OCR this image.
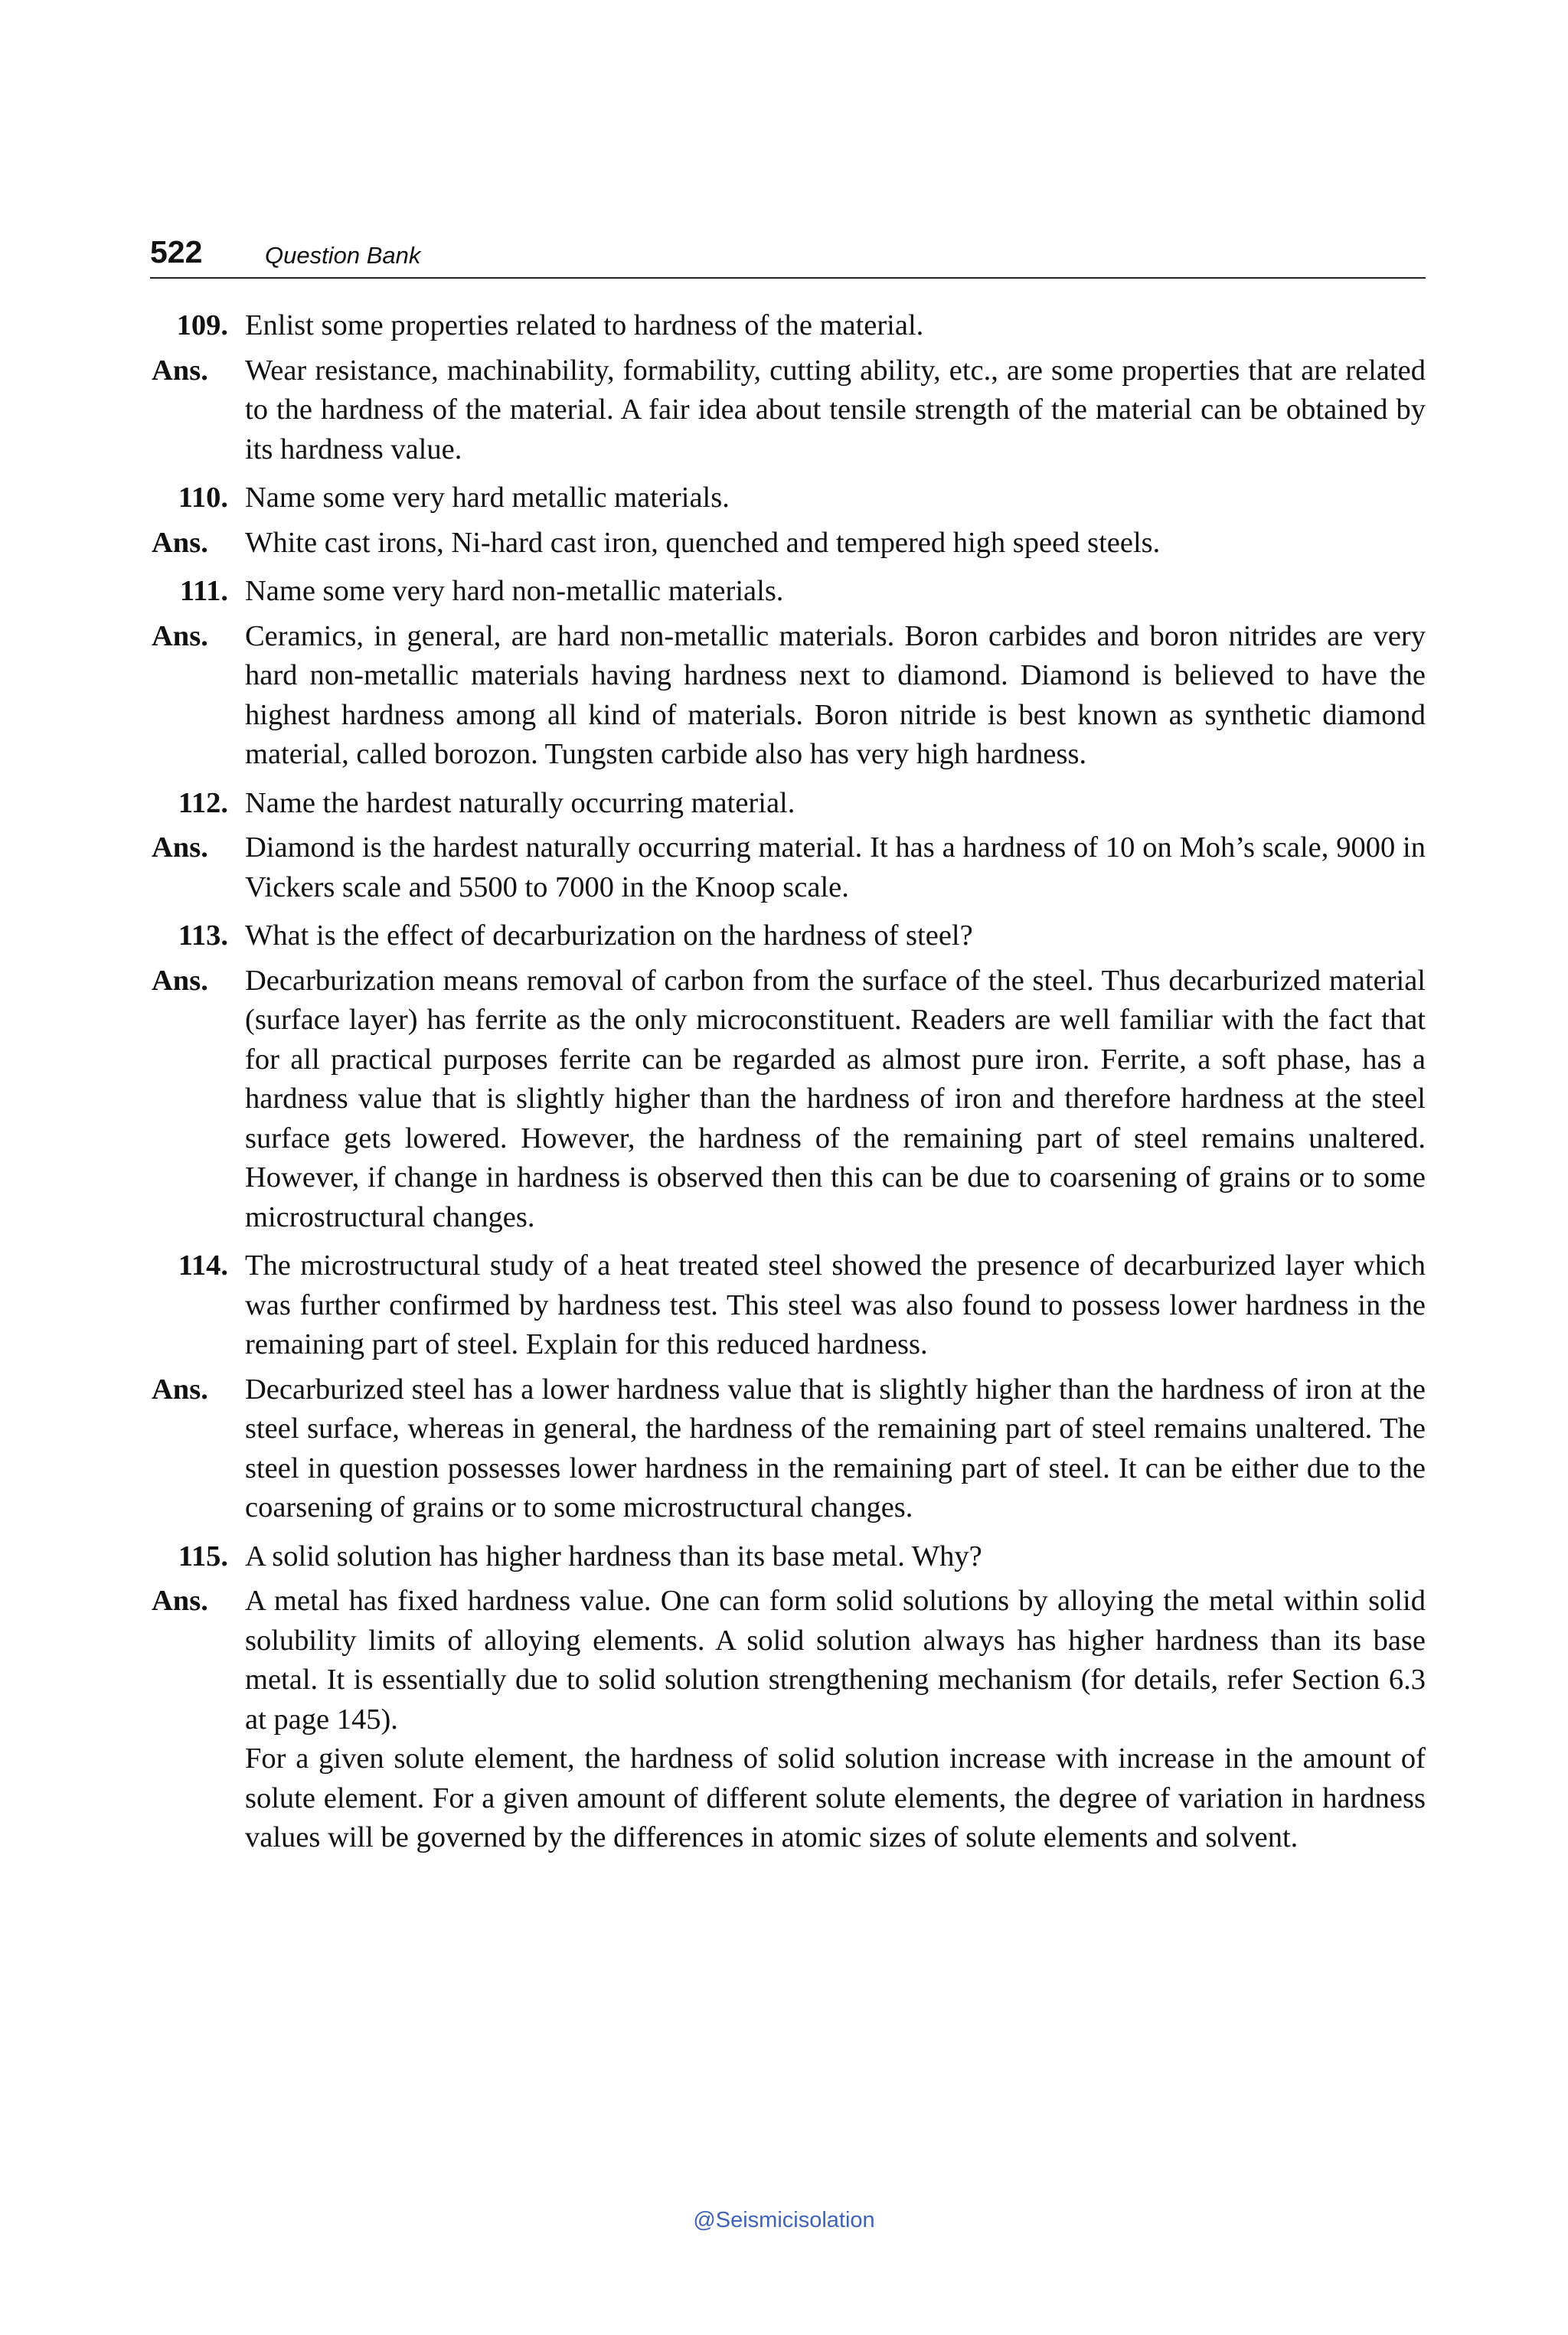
522	Question Bank
109. Enlist some properties related to hardness of the material.
Ans.	Wear resistance, machinability, formability, cutting ability, etc., are some properties that are related to the hardness of the material. A fair idea about tensile strength of the material can be obtained by its hardness value.

110. Name some very hard metallic materials.
Ans.	White cast irons, Ni-hard cast iron, quenched and tempered high speed steels.

111. Name some very hard non-metallic materials.
Ans.	Ceramics, in general, are hard non-metallic materials. Boron carbides and boron nitrides are very hard non-metallic materials having hardness next to diamond. Diamond is believed to have the highest hardness among all kind of materials. Boron nitride is best known as synthetic diamond material, called borozon. Tungsten carbide also has very high hardness.

112. Name the hardest naturally occurring material.
Ans.	Diamond is the hardest naturally occurring material. It has a hardness of 10 on Moh’s scale, 9000 in Vickers scale and 5500 to 7000 in the Knoop scale.

113. What is the effect of decarburization on the hardness of steel?
Ans.	Decarburization means removal of carbon from the surface of the steel. Thus decarburized material (surface layer) has ferrite as the only microconstituent. Readers are well familiar with the fact that for all practical purposes ferrite can be regarded as almost pure iron. Ferrite, a soft phase, has a hardness value that is slightly higher than the hardness of iron and therefore hardness at the steel surface gets lowered. However, the hardness of the remaining part of steel remains unaltered. However, if change in hardness is observed then this can be due to coarsening of grains or to some microstructural changes.

114. The microstructural study of a heat treated steel showed the presence of decarburized layer which was further confirmed by hardness test. This steel was also found to possess lower hardness in the remaining part of steel. Explain for this reduced hardness.
Ans.	Decarburized steel has a lower hardness value that is slightly higher than the hardness of iron at the steel surface, whereas in general, the hardness of the remaining part of steel remains unaltered. The steel in question possesses lower hardness in the remaining part of steel. It can be either due to the coarsening of grains or to some microstructural changes.

115. A solid solution has higher hardness than its base metal. Why?
Ans.	A metal has fixed hardness value. One can form solid solutions by alloying the metal within solid solubility limits of alloying elements. A solid solution always has higher hardness than its base metal. It is essentially due to solid solution strengthening mechanism (for details, refer Section 6.3 at page 145).

For a given solute element, the hardness of solid solution increase with increase in the amount of solute element. For a given amount of different solute elements, the degree of variation in hardness values will be governed by the differences in atomic sizes of solute elements and solvent.

@Seismicisolation
